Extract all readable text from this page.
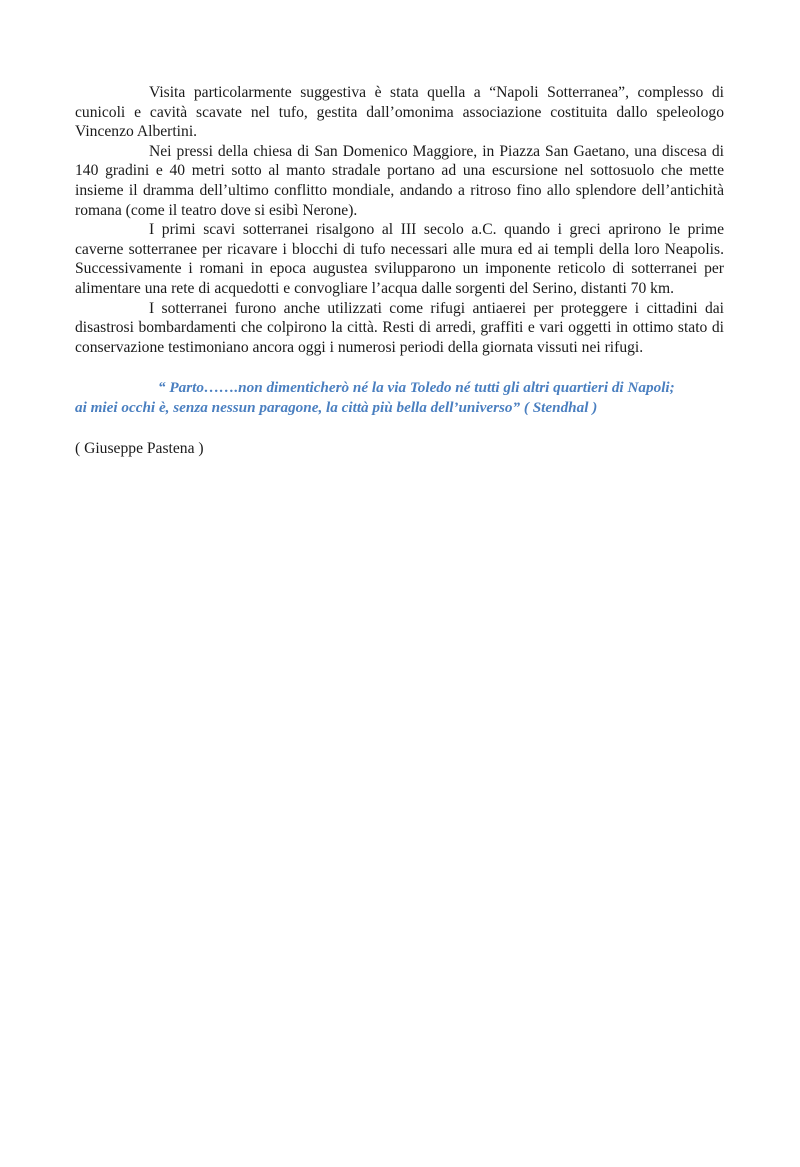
Visita particolarmente suggestiva è stata quella a “Napoli Sotterranea”, complesso di cunicoli e cavità scavate nel tufo, gestita dall’omonima associazione costituita dallo speleologo Vincenzo Albertini.

Nei pressi della chiesa di San Domenico Maggiore, in Piazza San Gaetano, una discesa di 140 gradini e 40 metri sotto al manto stradale portano ad una escursione nel sottosuolo che mette insieme il dramma dell’ultimo conflitto mondiale, andando a ritroso fino allo splendore dell’antichità romana (come il teatro dove si esibì Nerone).

I primi scavi sotterranei risalgono al III secolo a.C. quando i greci aprirono le prime caverne sotterranee per ricavare i blocchi di tufo necessari alle mura ed ai templi della loro Neapolis. Successivamente i romani in epoca augustea svilupparono un imponente reticolo di sotterranei per alimentare una rete di acquedotti e convogliare l’acqua dalle sorgenti del Serino, distanti 70 km.

I sotterranei furono anche utilizzati come rifugi antiaerei per proteggere i cittadini dai disastrosi bombardamenti che colpirono la città. Resti di arredi, graffiti e vari oggetti in ottimo stato di conservazione testimoniano ancora oggi i numerosi periodi della giornata vissuti nei rifugi.

“ Parto…….non dimenticherò né la via Toledo né tutti gli altri quartieri di Napoli;
ai miei occhi è, senza nessun paragone, la città più bella dell’universo” ( Stendhal )
( Giuseppe Pastena )
